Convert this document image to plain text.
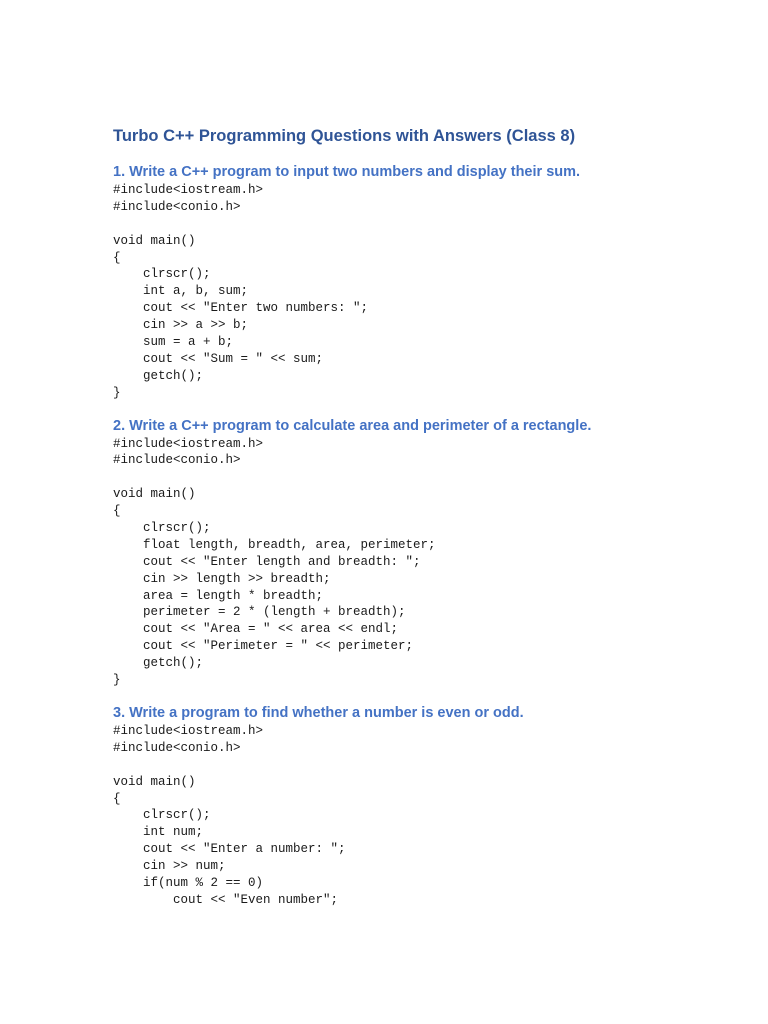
Turbo C++ Programming Questions with Answers (Class 8)
1. Write a C++ program to input two numbers and display their sum.
#include<iostream.h>
#include<conio.h>
void main()
{
clrscr();
int a, b, sum;
cout << "Enter two numbers: ";
cin >> a >> b;
sum = a + b;
cout << "Sum = " << sum;
getch();
}
2. Write a C++ program to calculate area and perimeter of a rectangle.
#include<iostream.h>
#include<conio.h>
void main()
{
clrscr();
float length, breadth, area, perimeter;
cout << "Enter length and breadth: ";
cin >> length >> breadth;
area = length * breadth;
perimeter = 2 * (length + breadth);
cout << "Area = " << area << endl;
cout << "Perimeter = " << perimeter;
getch();
}
3. Write a program to find whether a number is even or odd.
#include<iostream.h>
#include<conio.h>
void main()
{
clrscr();
int num;
cout << "Enter a number: ";
cin >> num;
if(num % 2 == 0)
cout << "Even number";
